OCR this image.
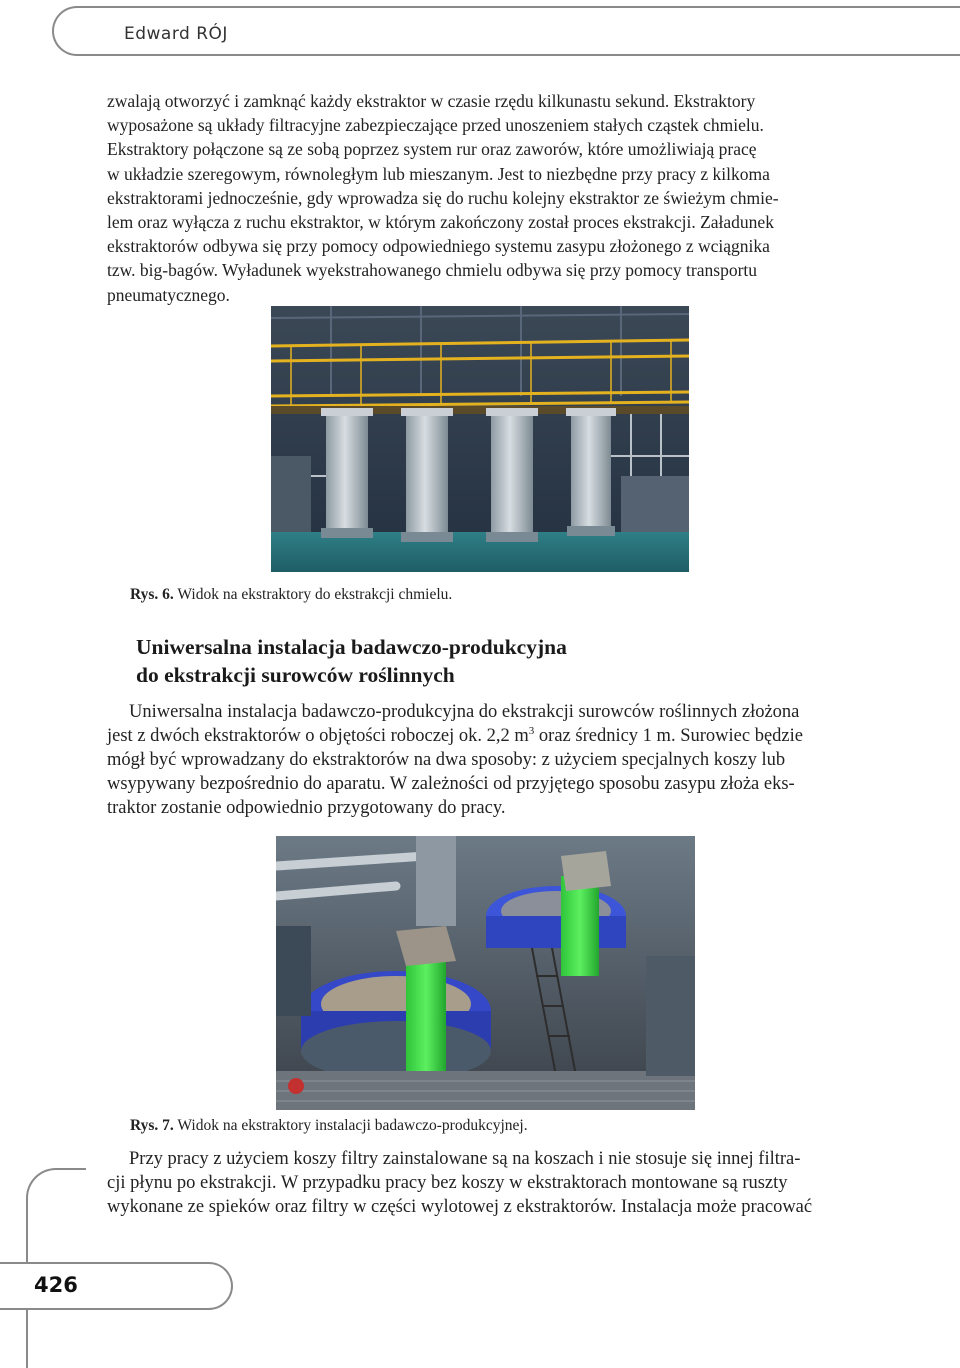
Edward RÓJ
zwalają otworzyć i zamknąć każdy ekstraktor w czasie rzędu kilkunastu sekund. Ekstraktory
wyposażone są układy filtracyjne zabezpieczające przed unoszeniem stałych cząstek chmielu.
Ekstraktory połączone są ze sobą poprzez system rur oraz zaworów, które umożliwiają pracę
w układzie szeregowym, równoległym lub mieszanym. Jest to niezbędne przy pracy z kilkoma
ekstraktorami jednocześnie, gdy wprowadza się do ruchu kolejny ekstraktor ze świeżym chmie-
lem oraz wyłącza z ruchu ekstraktor, w którym zakończony został proces ekstrakcji. Załadunek
ekstraktorów odbywa się przy pomocy odpowiedniego systemu zasypu złożonego z wciągnika
tzw. big-bagów. Wyładunek wyekstrahowanego chmielu odbywa się przy pomocy transportu
pneumatycznego.
Rys. 6. Widok na ekstraktory do ekstrakcji chmielu.
Uniwersalna instalacja badawczo-produkcyjna
do ekstrakcji surowców roślinnych
Uniwersalna instalacja badawczo-produkcyjna do ekstrakcji surowców roślinnych złożona
jest z dwóch ekstraktorów o objętości roboczej ok. 2,2 $m^3$ oraz średnicy 1 m. Surowiec będzie
mógł być wprowadzany do ekstraktorów na dwa sposoby: z użyciem specjalnych koszy lub
wsypywany bezpośrednio do aparatu. W zależności od przyjętego sposobu zasypu złoża eks-
traktor zostanie odpowiednio przygotowany do pracy.
Rys. 7. Widok na ekstraktory instalacji badawczo-produkcyjnej.
Przy pracy z użyciem koszy filtry zainstalowane są na koszach i nie stosuje się innej filtra-
cji płynu po ekstrakcji. W przypadku pracy bez koszy w ekstraktorach montowane są ruszty
wykonane ze spieków oraz filtry w części wylotowej z ekstraktorów. Instalacja może pracować
426
